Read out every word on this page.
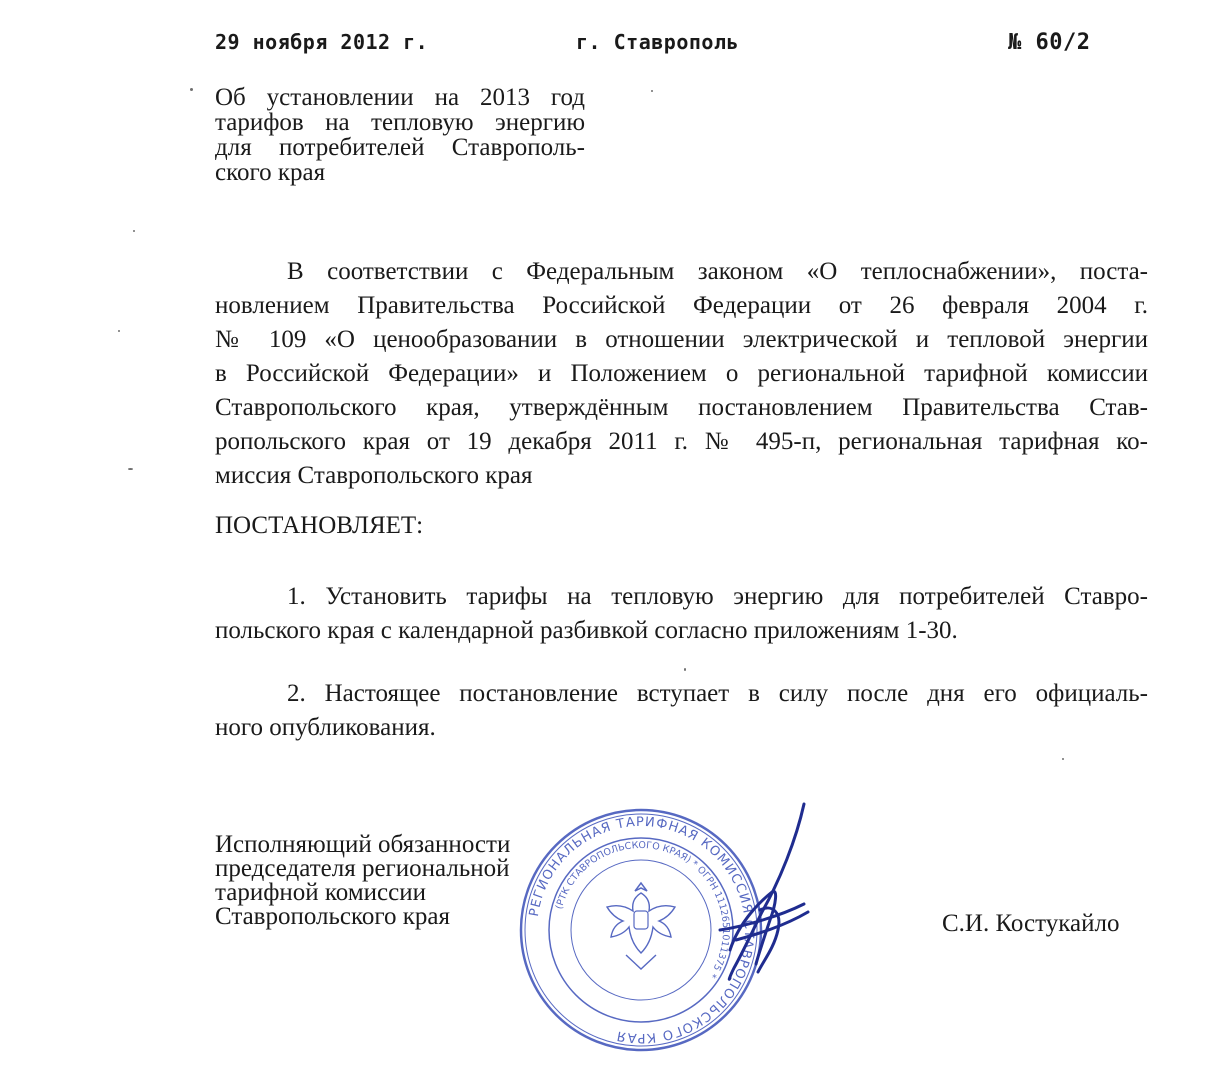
29 ноября 2012 г.	г. Ставрополь	№ 60/2
Об установлении на 2013 год
тарифов на тепловую энергию
для потребителей Ставрополь-
ского края
В соответствии с Федеральным законом «О теплоснабжении», поста-
новлением Правительства Российской Федерации от 26 февраля 2004 г.
№ 109 «О ценообразовании в отношении электрической и тепловой энергии
в Российской Федерации» и Положением о региональной тарифной комиссии
Ставропольского края, утверждённым постановлением Правительства Став-
ропольского края от 19 декабря 2011 г. № 495-п, региональная тарифная ко-
миссия Ставропольского края
ПОСТАНОВЛЯЕТ:
1. Установить тарифы на тепловую энергию для потребителей Ставро-
польского края с календарной разбивкой согласно приложениям 1-30.
2. Настоящее постановление вступает в силу после дня его официаль-
ного опубликования.
РЕГИОНАЛЬНАЯ ТАРИФНАЯ КОМИССИЯ СТАВРОПОЛЬСКОГО КРАЯ
(РТК СТАВРОПОЛЬСКОГО КРАЯ) * ОГРН 1112651011375 *
Исполняющий обязанности
председателя региональной
тарифной комиссии
Ставропольского края	С.И. Костукайло
